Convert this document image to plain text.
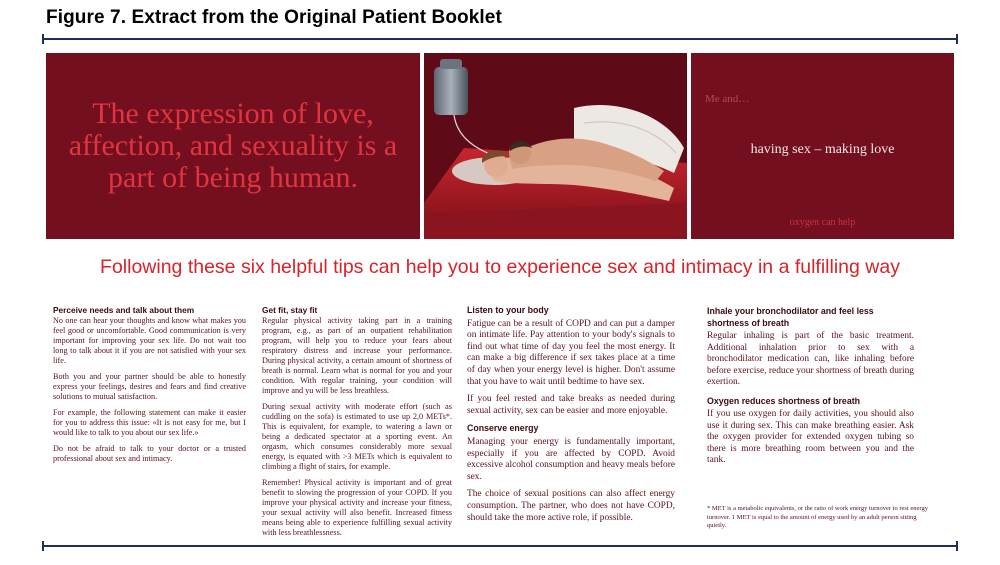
Figure 7. Extract from the Original Patient Booklet
The expression of love, affection, and sexuality is a part of being human.
Me and…
having sex – making love
oxygen can help
Following these six helpful tips can help you to experience sex and intimacy in a fulfilling way
Perceive needs and talk about them

No one can hear your thoughts and know what makes you feel good or uncomfortable. Good communication is very important for improving your sex life. Do not wait too long to talk about it if you are not satisfied with your sex life.

Both you and your partner should be able to honestly express your feelings, desires and fears and find creative solutions to mutual satisfaction.

For example, the following statement can make it easier for you to address this issue: «It is not easy for me, but I would like to talk to you about our sex life.»

Do not be afraid to talk to your doctor or a trusted professional about sex and intimacy.

Get fit, stay fit

Regular physical activity taking part in a training program, e.g., as part of an outpatient rehabilitation program, will help you to reduce your fears about respiratory distress and increase your performance. During physical activity, a certain amount of shortness of breath is normal. Learn what is normal for you and your condition. With regular training, your condition will improve and yu will be less breathless.

During sexual activity with moderate effort (such as cuddling on the sofa) is estimated to use up 2,0 METs*. This is equivalent, for example, to watering a lawn or being a dedicated spectator at a sporting event. An orgasm, which consumes considerably more sexual energy, is equated with >3 METs which is equivalent to climbing a flight of stairs, for example.

Remember! Physical activity is important and of great benefit to slowing the progression of your COPD. If you improve your physical activity and increase your fitness, your sexual activity will also benefit. Increased fitness means being able to experience fulfilling sexual activity with less breathlessness.

Listen to your body

Fatigue can be a result of COPD and can put a damper on intimate life. Pay attention to your body's signals to find out what time of day you feel the most energy. It can make a big difference if sex takes place at a time of day when your energy level is higher. Don't assume that you have to wait until bedtime to have sex.

If you feel rested and take breaks as needed during sexual activity, sex can be easier and more enjoyable.

Conserve energy

Managing your energy is fundamentally important, especially if you are affected by COPD. Avoid excessive alcohol consumption and heavy meals before sex.

The choice of sexual positions can also affect energy consumption. The partner, who does not have COPD, should take the more active role, if possible.

Inhale your bronchodilator and feel less shortness of breath

Regular inhaling is part of the basic treatment. Additional inhalation prior to sex with a bronchodilator medication can, like inhaling before before exercise, reduce your shortness of breath during exertion.

Oxygen reduces shortness of breath

If you use oxygen for daily activities, you should also use it during sex. This can make breathing easier. Ask the oxygen provider for extended oxygen tubing so there is more breathing room between you and the tank.

* MET is a metabolic equivalents, or the ratio of work energy turnover to rest energy turnover. 1 MET is equal to the amount of energy used by an adult person sitting quietly.
